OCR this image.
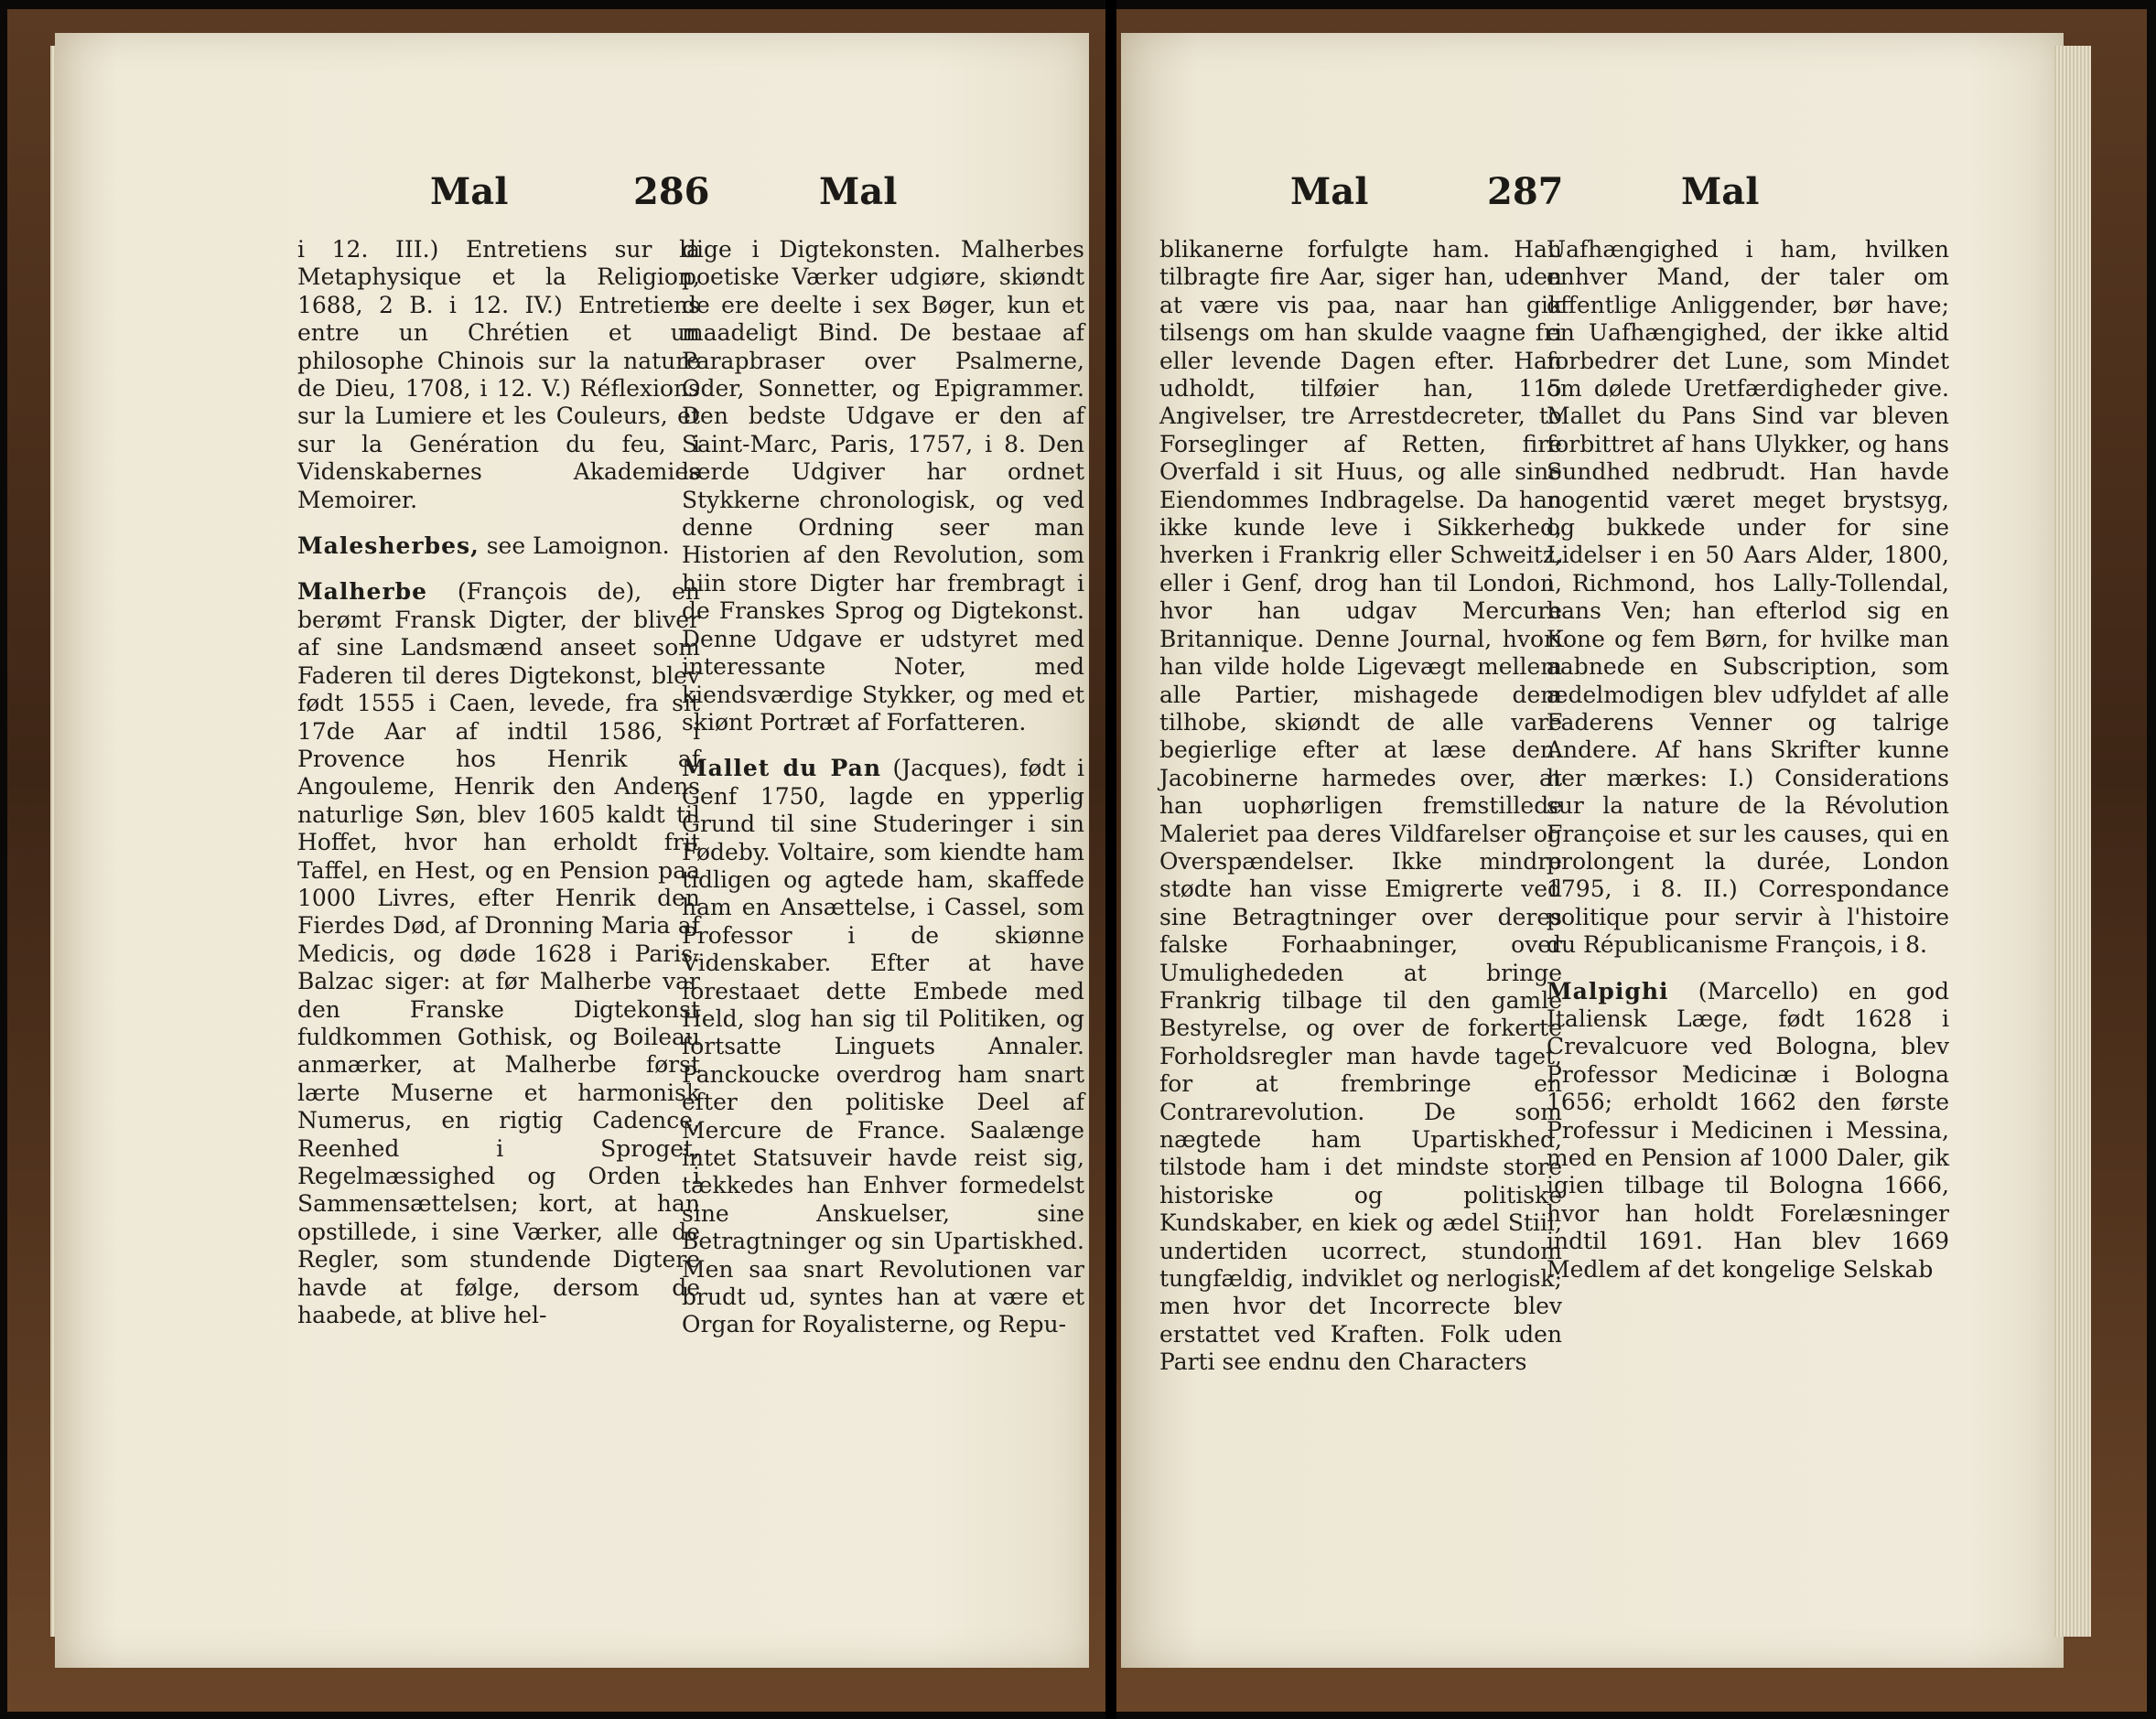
Mal	286	Mal

i 12. III.) Entretiens sur la Metaphysique et la Religion, 1688, 2 B. i 12. IV.) Entretiens entre un Chrétien et un philosophe Chinois sur la nature de Dieu, 1708, i 12. V.) Réflexions sur la Lumiere et les Couleurs, et sur la Genération du feu, i Videnskabernes Akademies Memoirer.

Malesherbes, see Lamoignon.

Malherbe (François de), en berømt Fransk Digter, der bliver af sine Landsmænd anseet som Faderen til deres Digtekonst, blev født 1555 i Caen, levede, fra sit 17de Aar af indtil 1586, i Provence hos Henrik af Angouleme, Henrik den Andens naturlige Søn, blev 1605 kaldt til Hoffet, hvor han erholdt frit Taffel, en Hest, og en Pension paa 1000 Livres, efter Henrik den Fierdes Død, af Dronning Maria af Medicis, og døde 1628 i Paris. Balzac siger: at før Malherbe var den Franske Digtekonst fuldkommen Gothisk, og Boileau anmærker, at Malherbe først lærte Muserne et harmonisk Numerus, en rigtig Cadence, Reenhed i Sproget, Regelmæssighed og Orden i Sammensættelsen; kort, at han opstillede, i sine Værker, alle de Regler, som stundende Digtere havde at følge, dersom de haabede, at blive hel-

dige i Digtekonsten. Malherbes poetiske Værker udgiøre, skiøndt de ere deelte i sex Bøger, kun et maadeligt Bind. De bestaae af Parapbraser over Psalmerne, Oder, Sonnetter, og Epigrammer. Den bedste Udgave er den af Saint-Marc, Paris, 1757, i 8. Den lærde Udgiver har ordnet Stykkerne chronologisk, og ved denne Ordning seer man Historien af den Revolution, som hiin store Digter har frembragt i de Franskes Sprog og Digtekonst. Denne Udgave er udstyret med interessante Noter, med kiendsværdige Stykker, og med et skiønt Portræt af Forfatteren.

Mallet du Pan (Jacques), født i Genf 1750, lagde en ypperlig Grund til sine Studeringer i sin Fødeby. Voltaire, som kiendte ham tidligen og agtede ham, skaffede ham en Ansættelse, i Cassel, som Professor i de skiønne Videnskaber. Efter at have forestaaet dette Embede med Held, slog han sig til Politiken, og fortsatte Linguets Annaler. Panckoucke overdrog ham snart efter den politiske Deel af Mercure de France. Saalænge intet Statsuveir havde reist sig, tækkedes han Enhver formedelst sine Anskuelser, sine Betragtninger og sin Upartiskhed. Men saa snart Revolutionen var brudt ud, syntes han at være et Organ for Royalisterne, og Repu-

Mal	287	Mal

blikanerne forfulgte ham. Han tilbragte fire Aar, siger han, uden at være vis paa, naar han gik tilsengs om han skulde vaagne fri eller levende Dagen efter. Han udholdt, tilføier han, 115 Angivelser, tre Arrestdecreter, to Forseglinger af Retten, fire Overfald i sit Huus, og alle sine Eiendommes Indbragelse. Da han ikke kunde leve i Sikkerhed, hverken i Frankrig eller Schweitz, eller i Genf, drog han til London, hvor han udgav Mercure Britannique. Denne Journal, hvori han vilde holde Ligevægt mellem alle Partier, mishagede dem tilhobe, skiøndt de alle vare begierlige efter at læse den. Jacobinerne harmedes over, at han uophørligen fremstillede Maleriet paa deres Vildfarelser og Overspændelser. Ikke mindre stødte han visse Emigrerte ved sine Betragtninger over deres falske Forhaabninger, over Umulighededen at bringe Frankrig tilbage til den gamle Bestyrelse, og over de forkerte Forholdsregler man havde taget, for at frembringe en Contrarevolution. De som nægtede ham Upartiskhed, tilstode ham i det mindste store historiske og politiske Kundskaber, en kiek og ædel Stiil, undertiden ucorrect, stundom tungfældig, indviklet og nerlogisk; men hvor det Incorrecte blev erstattet ved Kraften. Folk uden Parti see endnu den Characters

Uafhængighed i ham, hvilken enhver Mand, der taler om offentlige Anliggender, bør have; en Uafhængighed, der ikke altid forbedrer det Lune, som Mindet om dølede Uretfærdigheder give. Mallet du Pans Sind var bleven forbittret af hans Ulykker, og hans Sundhed nedbrudt. Han havde nogentid været meget brystsyg, og bukkede under for sine Lidelser i en 50 Aars Alder, 1800, i Richmond, hos Lally-Tollendal, hans Ven; han efterlod sig en Kone og fem Børn, for hvilke man aabnede en Subscription, som ædelmodigen blev udfyldet af alle Faderens Venner og talrige Andere. Af hans Skrifter kunne her mærkes: I.) Considerations sur la nature de la Révolution Françoise et sur les causes, qui en prolongent la durée, London 1795, i 8. II.) Correspondance politique pour servir à l'histoire du Républicanisme François, i 8.

Malpighi (Marcello) en god Italiensk Læge, født 1628 i Crevalcuore ved Bologna, blev Professor Medicinæ i Bologna 1656; erholdt 1662 den første Professur i Medicinen i Messina, med en Pension af 1000 Daler, gik igien tilbage til Bologna 1666, hvor han holdt Forelæsninger indtil 1691. Han blev 1669 Medlem af det kongelige Selskab
